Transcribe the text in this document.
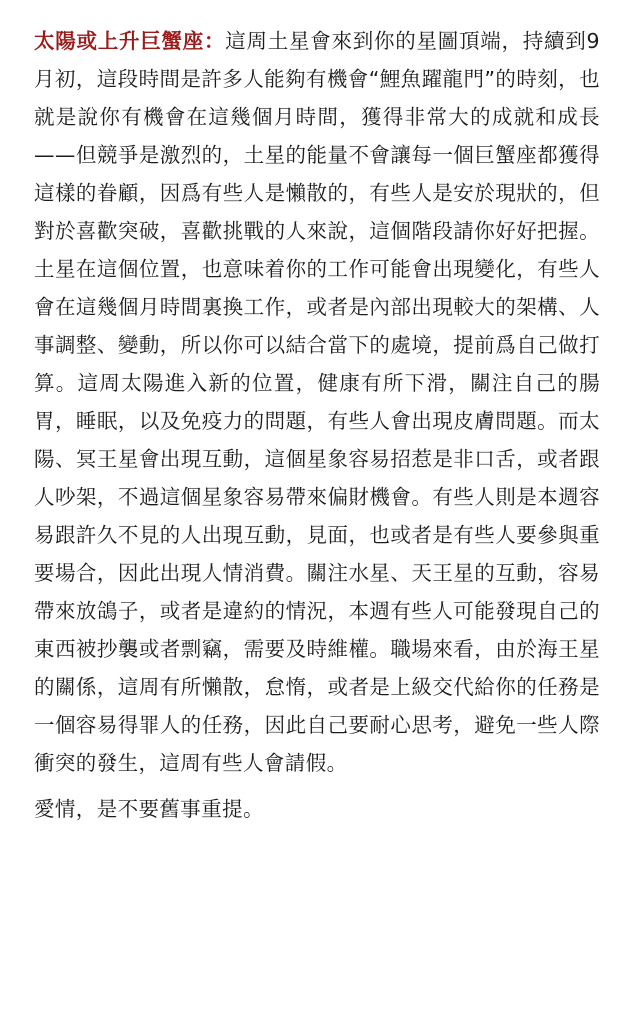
太陽或上升巨蟹座：這周土星會來到你的星圖頂端，持續到9月初，這段時間是許多人能夠有機會“鯉魚躍龍門”的時刻，也就是說你有機會在這幾個月時間，獲得非常大的成就和成長——但競爭是激烈的，土星的能量不會讓每一個巨蟹座都獲得這樣的眷顧，因爲有些人是懶散的，有些人是安於現狀的，但對於喜歡突破，喜歡挑戰的人來說，這個階段請你好好把握。土星在這個位置，也意味着你的工作可能會出現變化，有些人會在這幾個月時間裏換工作，或者是內部出現較大的架構、人事調整、變動，所以你可以結合當下的處境，提前爲自己做打算。這周太陽進入新的位置，健康有所下滑，關注自己的腸胃，睡眠，以及免疫力的問題，有些人會出現皮膚問題。而太陽、冥王星會出現互動，這個星象容易招惹是非口舌，或者跟人吵架，不過這個星象容易帶來偏財機會。有些人則是本週容易跟許久不見的人出現互動，見面，也或者是有些人要參與重要場合，因此出現人情消費。關注水星、天王星的互動，容易帶來放鴿子，或者是違約的情況，本週有些人可能發現自己的東西被抄襲或者剽竊，需要及時維權。職場來看，由於海王星的關係，這周有所懶散，怠惰，或者是上級交代給你的任務是一個容易得罪人的任務，因此自己要耐心思考，避免一些人際衝突的發生，這周有些人會請假。

愛情，是不要舊事重提。
